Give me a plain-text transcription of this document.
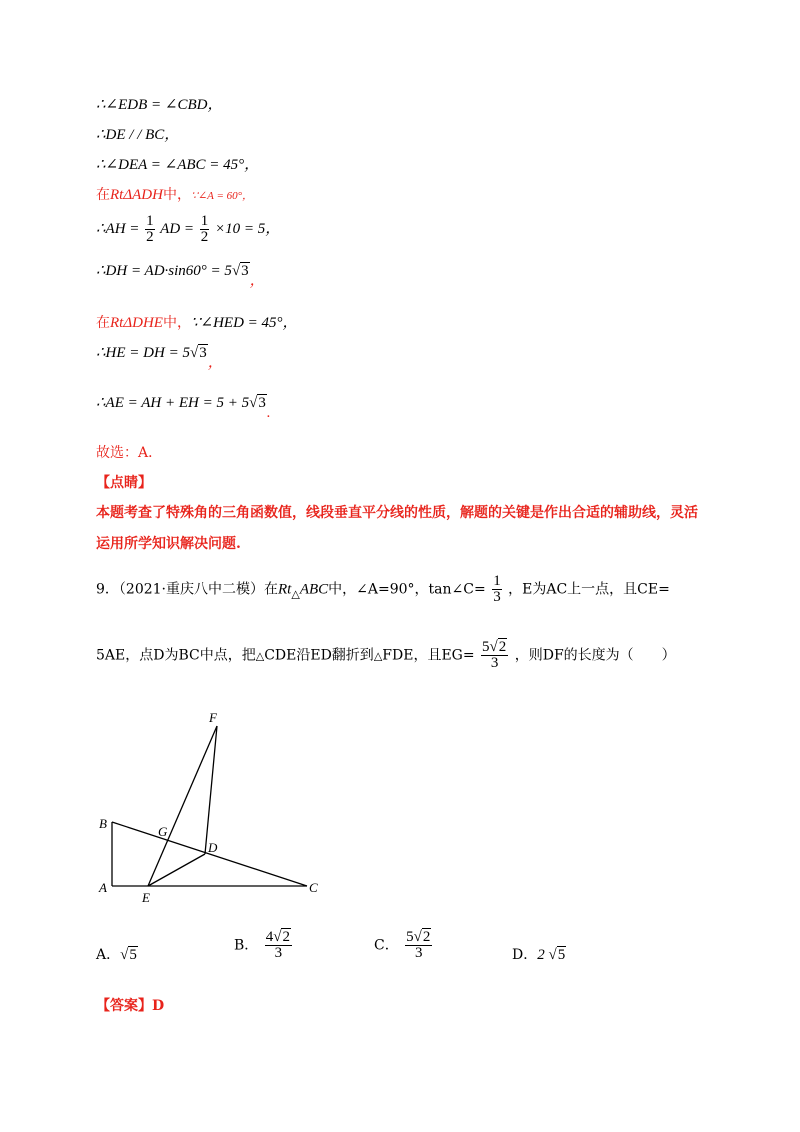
∴∠EDB = ∠CBD，
∴DE / / BC，
∴∠DEA = ∠ABC = 45°，
在RtΔADH中，∵∠A = 60°，
∴AH = $\frac{1}{2}$ AD = $\frac{1}{2} \times 10 = 5$，
∴DH = AD·sin60° = 5√3，
在RtΔDHE中，∵∠HED = 45°，
∴HE = DH = 5√3，
∴AE = AH + EH = 5 + 5√3.
故选：A．
【点睛】
本题考查了特殊角的三角函数值，线段垂直平分线的性质，解题的关键是作出合适的辅助线，灵活
运用所学知识解决问题.
9．（2021·重庆八中二模）在$Rt_\triangle ABC$中，∠A=90°，tan∠C= $\frac{1}{3}$ ，E为AC上一点，且CE=
5AE，点D为BC中点，把△CDE沿ED翻折到△FDE，且$EG= \frac{5√2}{3}$ ，则DF的长度为（　　）
F
B
G
D
A
E
C
A．√5
B． $\frac{4√2}{3}$	C． $\frac{5√2}{3}$	D．2 √5
【答案】D
